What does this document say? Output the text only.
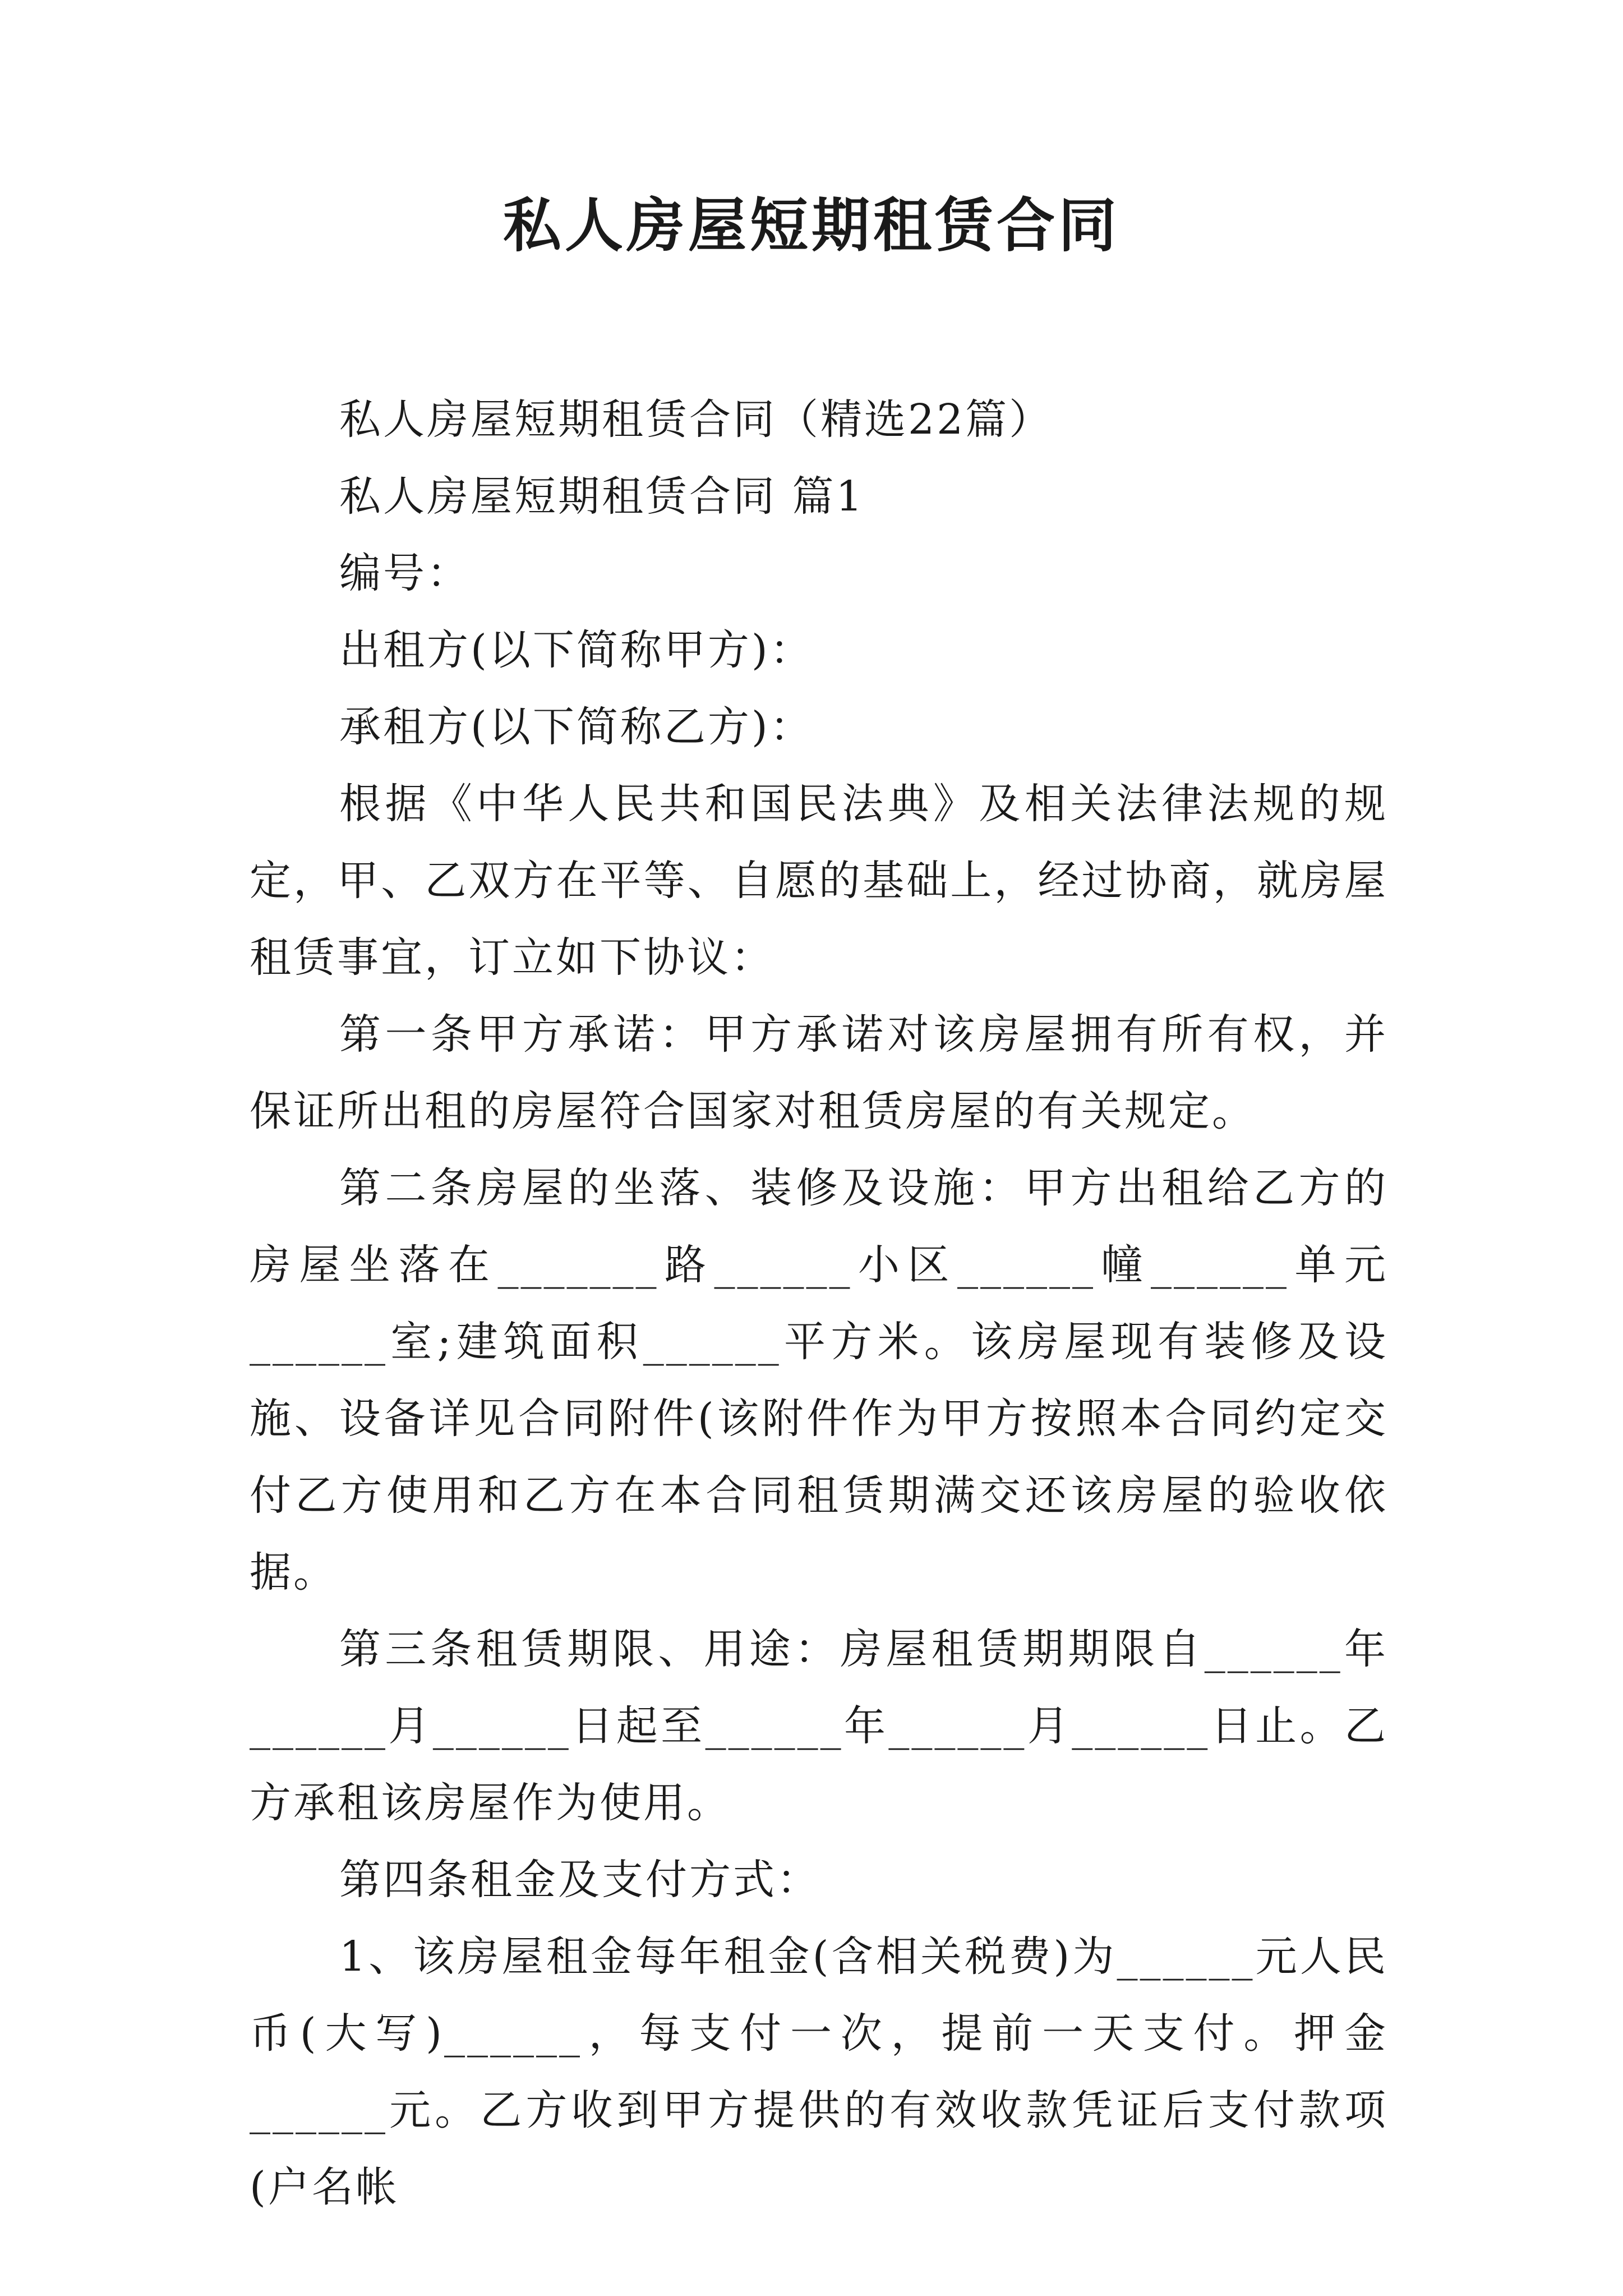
私人房屋短期租赁合同

私人房屋短期租赁合同（精选22篇）

私人房屋短期租赁合同 篇1

编号：

出租方(以下简称甲方)：

承租方(以下简称乙方)：

根据《中华人民共和国民法典》及相关法律法规的规定，甲、乙双方在平等、自愿的基础上，经过协商，就房屋租赁事宜，订立如下协议：

第一条甲方承诺：甲方承诺对该房屋拥有所有权，并保证所出租的房屋符合国家对租赁房屋的有关规定。

第二条房屋的坐落、装修及设施：甲方出租给乙方的房屋坐落在_______路______小区______幢______单元______室;建筑面积______平方米。该房屋现有装修及设施、设备详见合同附件(该附件作为甲方按照本合同约定交付乙方使用和乙方在本合同租赁期满交还该房屋的验收依据。

第三条租赁期限、用途：房屋租赁期期限自______年______月______日起至______年______月______日止。乙方承租该房屋作为使用。

第四条租金及支付方式：

1、该房屋租金每年租金(含相关税费)为______元人民币(大写)______，每支付一次，提前一天支付。押金______元。乙方收到甲方提供的有效收款凭证后支付款项(户名帐
